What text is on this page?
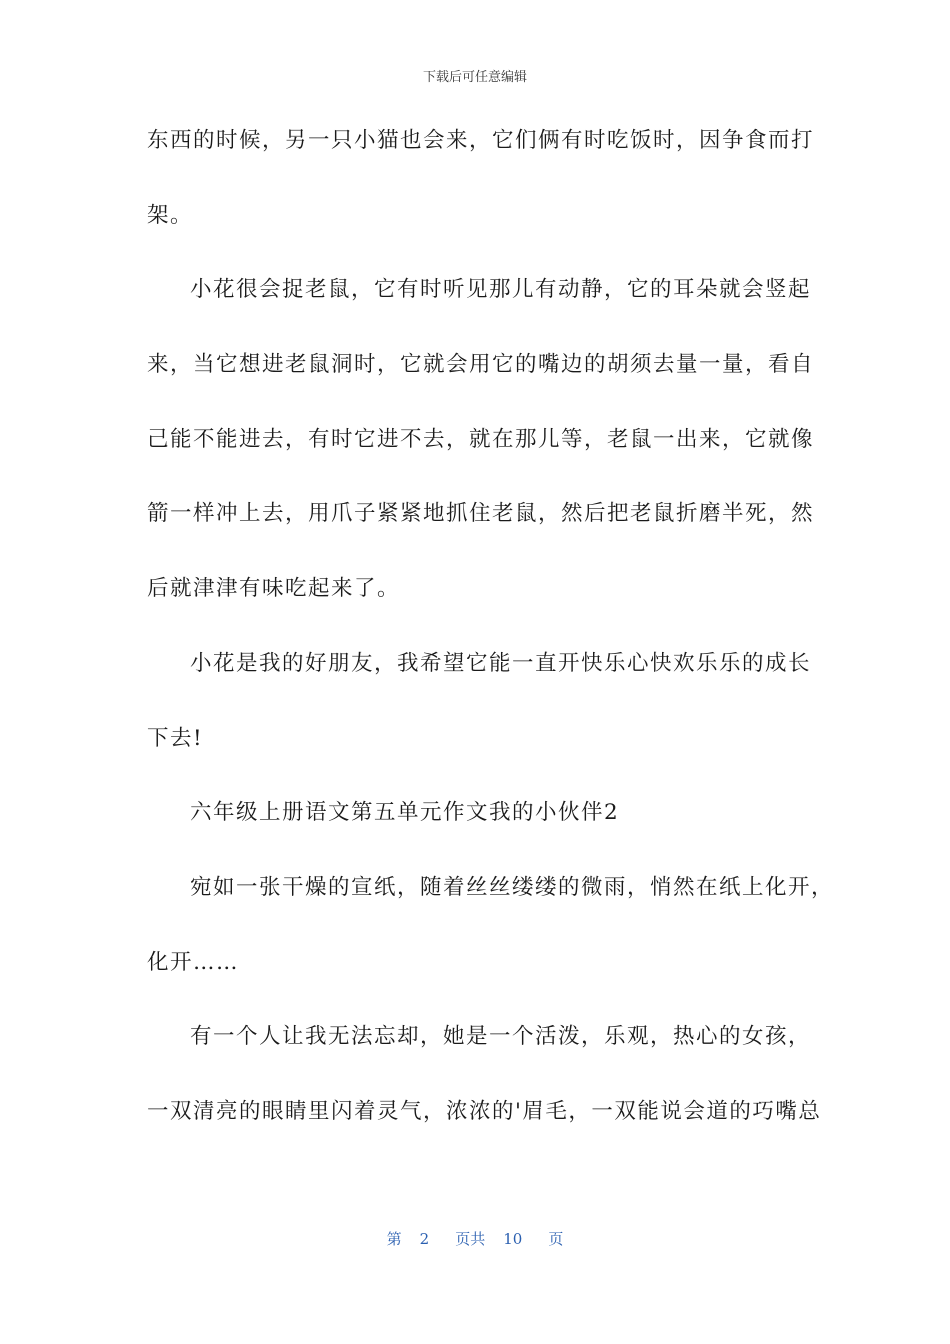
下载后可任意编辑
东西的时候，另一只小猫也会来，它们俩有时吃饭时，因争食而打
架。
小花很会捉老鼠，它有时听见那儿有动静，它的耳朵就会竖起
来，当它想进老鼠洞时，它就会用它的嘴边的胡须去量一量，看自
己能不能进去，有时它进不去，就在那儿等，老鼠一出来，它就像
箭一样冲上去，用爪子紧紧地抓住老鼠，然后把老鼠折磨半死，然
后就津津有味吃起来了。
小花是我的好朋友，我希望它能一直开快乐心快欢乐乐的成长
下去!
六年级上册语文第五单元作文我的小伙伴2
宛如一张干燥的宣纸，随着丝丝缕缕的微雨，悄然在纸上化开，
化开……
有一个人让我无法忘却，她是一个活泼，乐观，热心的女孩，
一双清亮的眼睛里闪着灵气，浓浓的'眉毛，一双能说会道的巧嘴总
第 2 页共 10 页
